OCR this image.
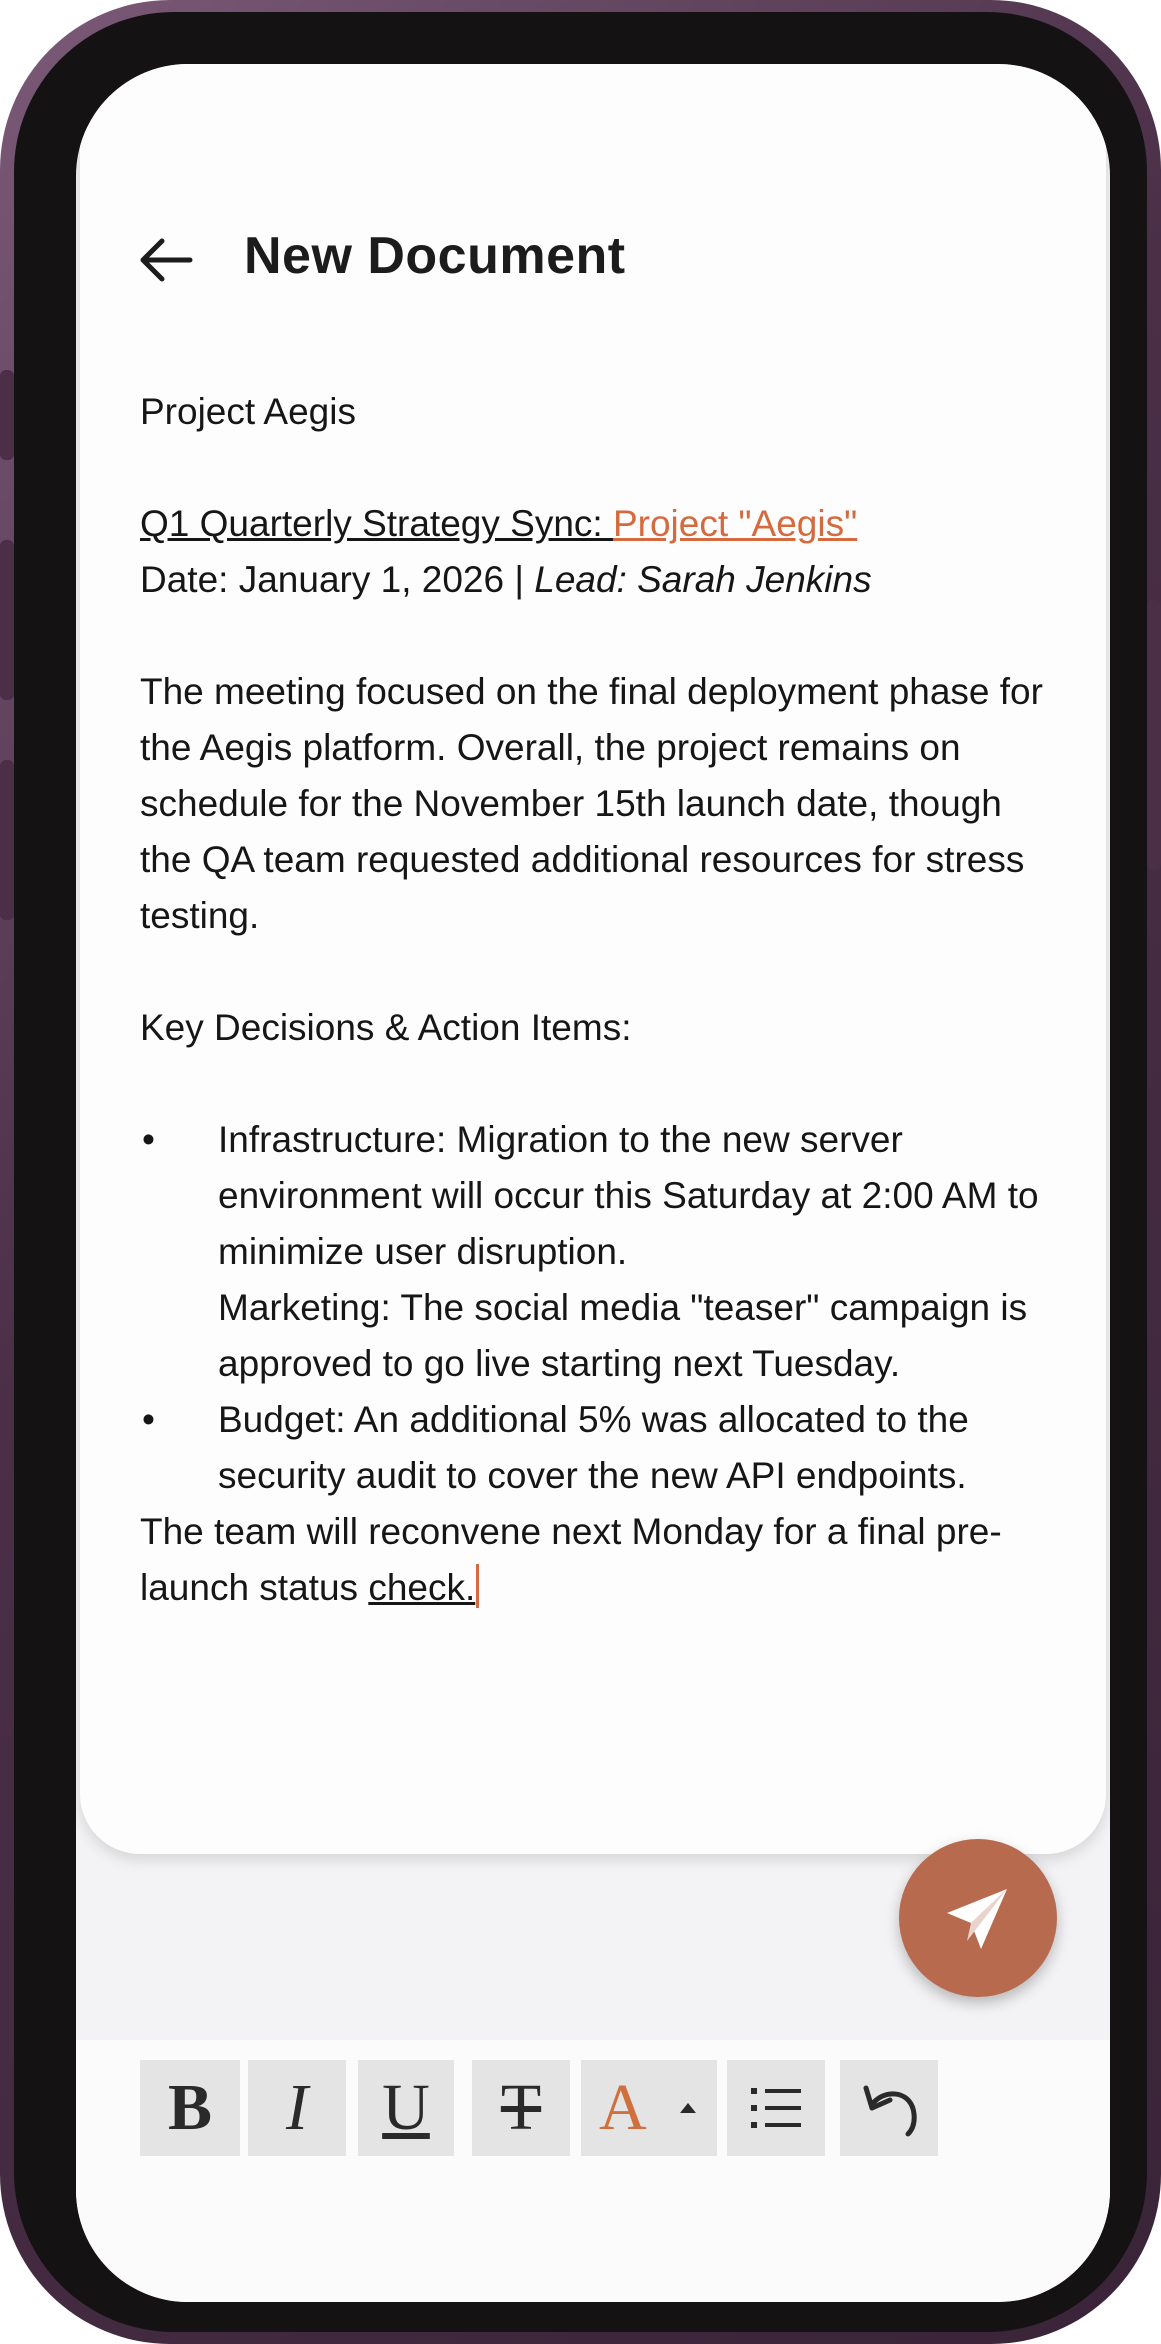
New Document

Project Aegis

Q1 Quarterly Strategy Sync: Project "Aegis"

Date: January 1, 2026 | Lead: Sarah Jenkins

The meeting focused on the final deployment phase for the Aegis platform. Overall, the project remains on schedule for the November 15th launch date, though the QA team requested additional resources for stress testing.

Key Decisions & Action Items:

• Infrastructure: Migration to the new server environment will occur this Saturday at 2:00 AM to minimize user disruption.
Marketing: The social media "teaser" campaign is approved to go live starting next Tuesday.
• Budget: An additional 5% was allocated to the security audit to cover the new API endpoints.

The team will reconvene next Monday for a final pre-launch status check.

B	I	U	T A
